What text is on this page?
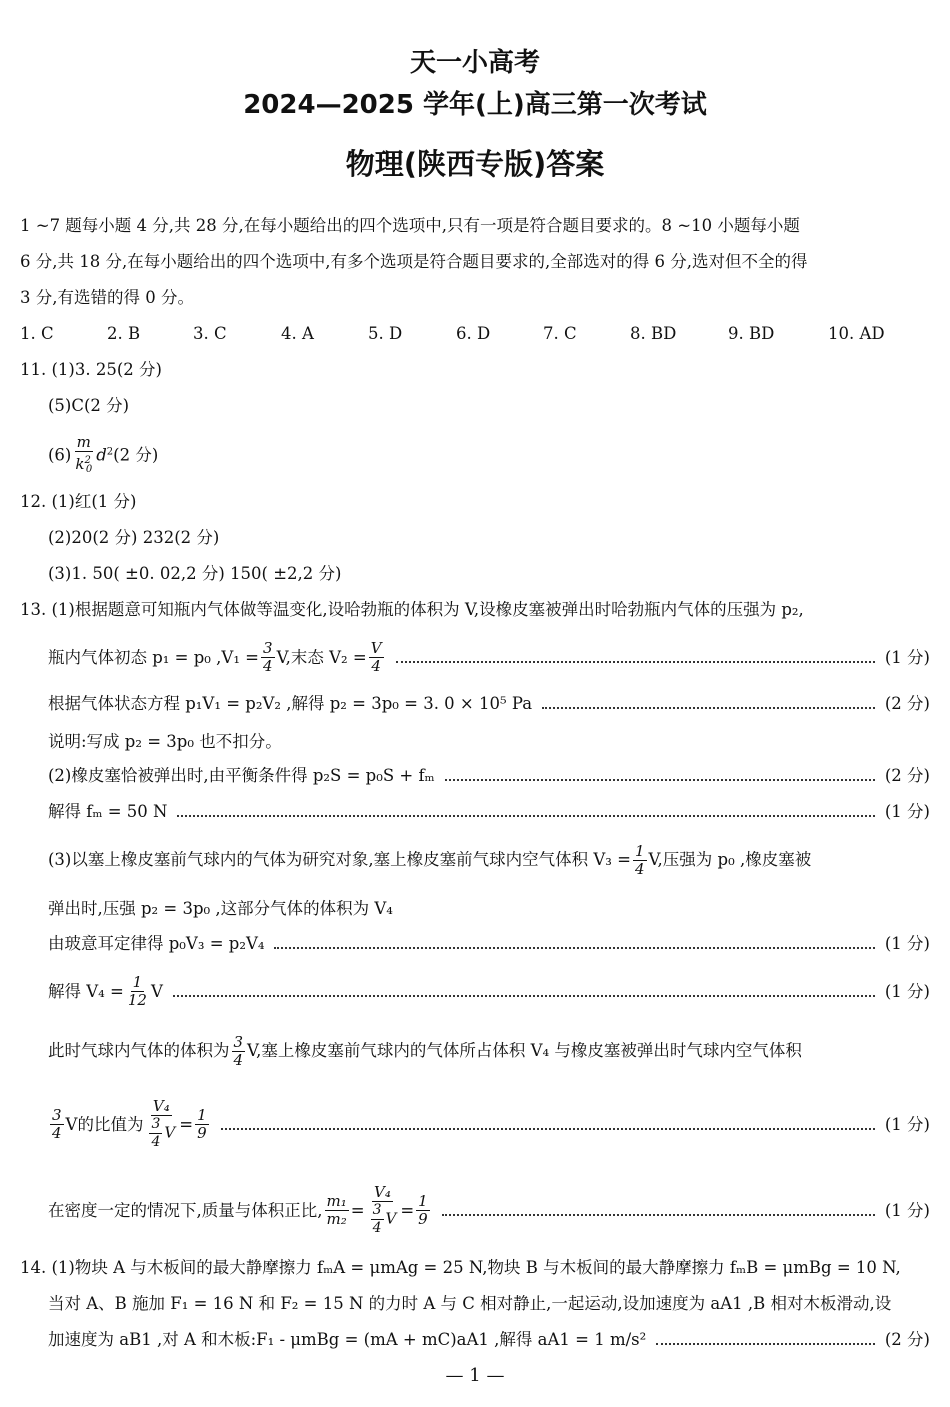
天一小高考
2024—2025 学年(上)高三第一次考试
物理(陕西专版)答案
1 ~7 题每小题 4 分,共 28 分,在每小题给出的四个选项中,只有一项是符合题目要求的。8 ~10 小题每小题
6 分,共 18 分,在每小题给出的四个选项中,有多个选项是符合题目要求的,全部选对的得 6 分,选对但不全的得
3 分,有选错的得 0 分。
1. C	2. B	3. C	4. A	5. D	6. D	7. C	8. BD	9. BD	10. AD
11. (1)3. 25(2 分)
(5)C(2 分)
$(6) \frac{m}{k^2_0} d^2(2$ 分)
12. (1)红(1 分)
(2)20(2 分) 232(2 分)
(3)1. 50( ±0. 02,2 分) 150( ±2,2 分)
13. (1)根据题意可知瓶内气体做等温变化,设哈勃瓶的体积为 V,设橡皮塞被弹出时哈勃瓶内气体的压强为 p₂,
瓶内气体初态 p₁ = p₀ $,V_1 = \frac{3}{4} V$,末态 $V_2 = \frac{V}{4}$	(1 分)
根据气体状态方程 p₁V₁ = p₂V₂ ,解得 p₂ = 3p₀ = 3. 0 × 10⁵ Pa	(2 分)
说明:写成 p₂ = 3p₀ 也不扣分。
(2)橡皮塞恰被弹出时,由平衡条件得 p₂S = p₀S + fₘ	(2 分)
解得 fₘ = 50 N	(1 分)
(3)以塞上橡皮塞前气球内的气体为研究对象,塞上橡皮塞前气球内空气体积 $V_3 = \frac{1}{4} V$,压强为 p₀ ,橡皮塞被
弹出时,压强 p₂ = 3p₀ ,这部分气体的体积为 V₄
由玻意耳定律得 p₀V₃ = p₂V₄	(1 分)
解得 $V_4 = \frac{1}{12}$ V	(1 分)
此时气球内气体的体积为 $\frac{3}{4} V$,塞上橡皮塞前气球内的气体所占体积 V₄ 与橡皮塞被弹出时气球内空气体积
$\frac{3}{4}$ V的比值为 $\frac{\text{V₄}}{\frac{3}{4} V} = \frac{1}{9}$	(1 分)
在密度一定的情况下,质量与体积正比, $\frac{\text{m₁}}{\text{m₂}} = \frac{\text{V₄}}{\frac{3}{4} V} = \frac{1}{9}$	(1 分)
14. (1)物块 A 与木板间的最大静摩擦力 fₘA = μmAg = 25 N,物块 B 与木板间的最大静摩擦力 fₘB = μmBg = 10 N,
当对 A、B 施加 F₁ = 16 N 和 F₂ = 15 N 的力时 A 与 C 相对静止,一起运动,设加速度为 aA1 ,B 相对木板滑动,设
加速度为 aB1 ,对 A 和木板:F₁ - μmBg = (mA + mC)aA1 ,解得 aA1 = 1 m/s²	(2 分)
— 1 —
